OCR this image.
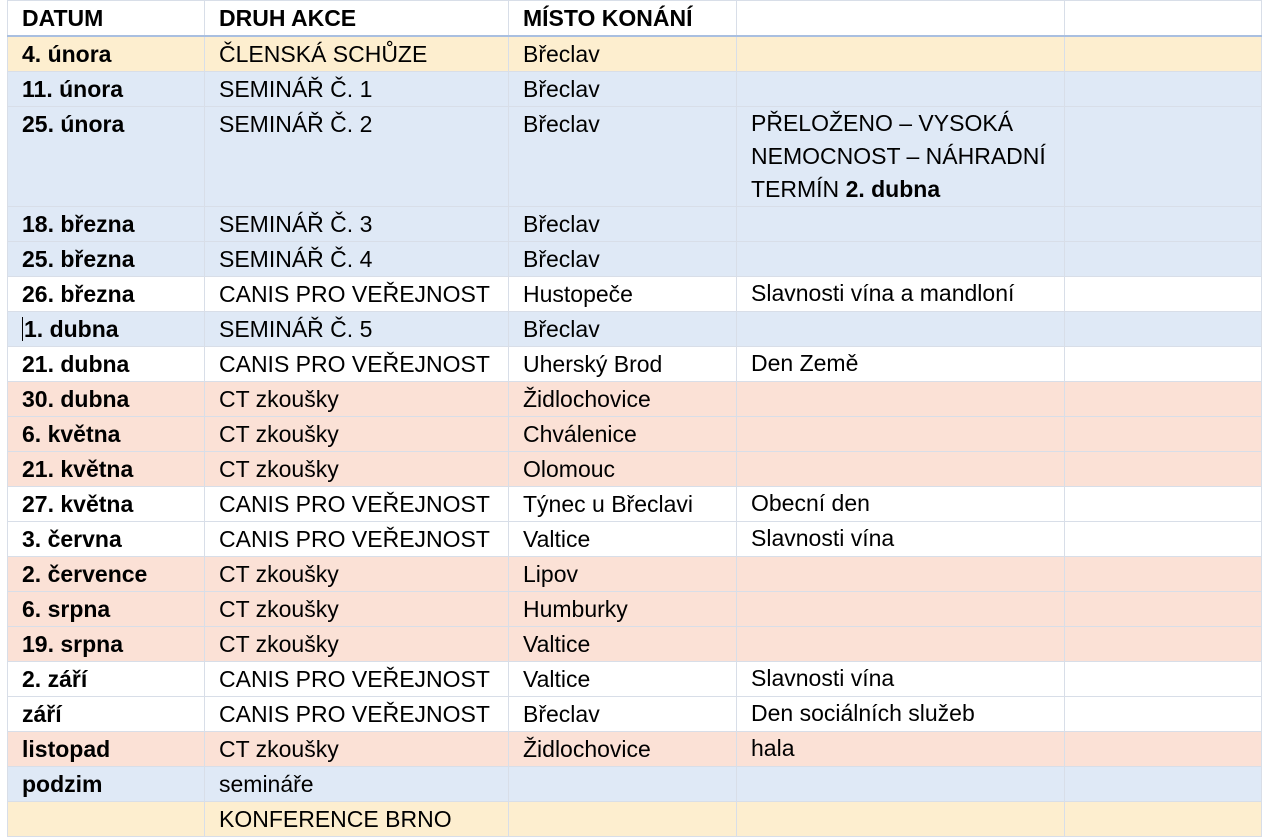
DATUM	DRUH AKCE	MÍSTO KONÁNÍ		
4. února	ČLENSKÁ SCHŮZE	Břeclav		
11. února	SEMINÁŘ Č. 1	Břeclav		
25. února	SEMINÁŘ Č. 2	Břeclav	PŘELOŽENO – VYSOKÁ NEMOCNOST – NÁHRADNÍ TERMÍN 2. dubna	
18. března	SEMINÁŘ Č. 3	Břeclav		
25. března	SEMINÁŘ Č. 4	Břeclav		
26. března	CANIS PRO VEŘEJNOST	Hustopeče	Slavnosti vína a mandloní	
1. dubna	SEMINÁŘ Č. 5	Břeclav		
21. dubna	CANIS PRO VEŘEJNOST	Uherský Brod	Den Země	
30. dubna	CT zkoušky	Židlochovice		
6. května	CT zkoušky	Chválenice		
21. května	CT zkoušky	Olomouc		
27. května	CANIS PRO VEŘEJNOST	Týnec u Břeclavi	Obecní den	
3. června	CANIS PRO VEŘEJNOST	Valtice	Slavnosti vína	
2. července	CT zkoušky	Lipov		
6. srpna	CT zkoušky	Humburky		
19. srpna	CT zkoušky	Valtice		
2. září	CANIS PRO VEŘEJNOST	Valtice	Slavnosti vína	
září	CANIS PRO VEŘEJNOST	Břeclav	Den sociálních služeb	
listopad	CT zkoušky	Židlochovice	hala	
podzim	semináře			
	KONFERENCE BRNO			
